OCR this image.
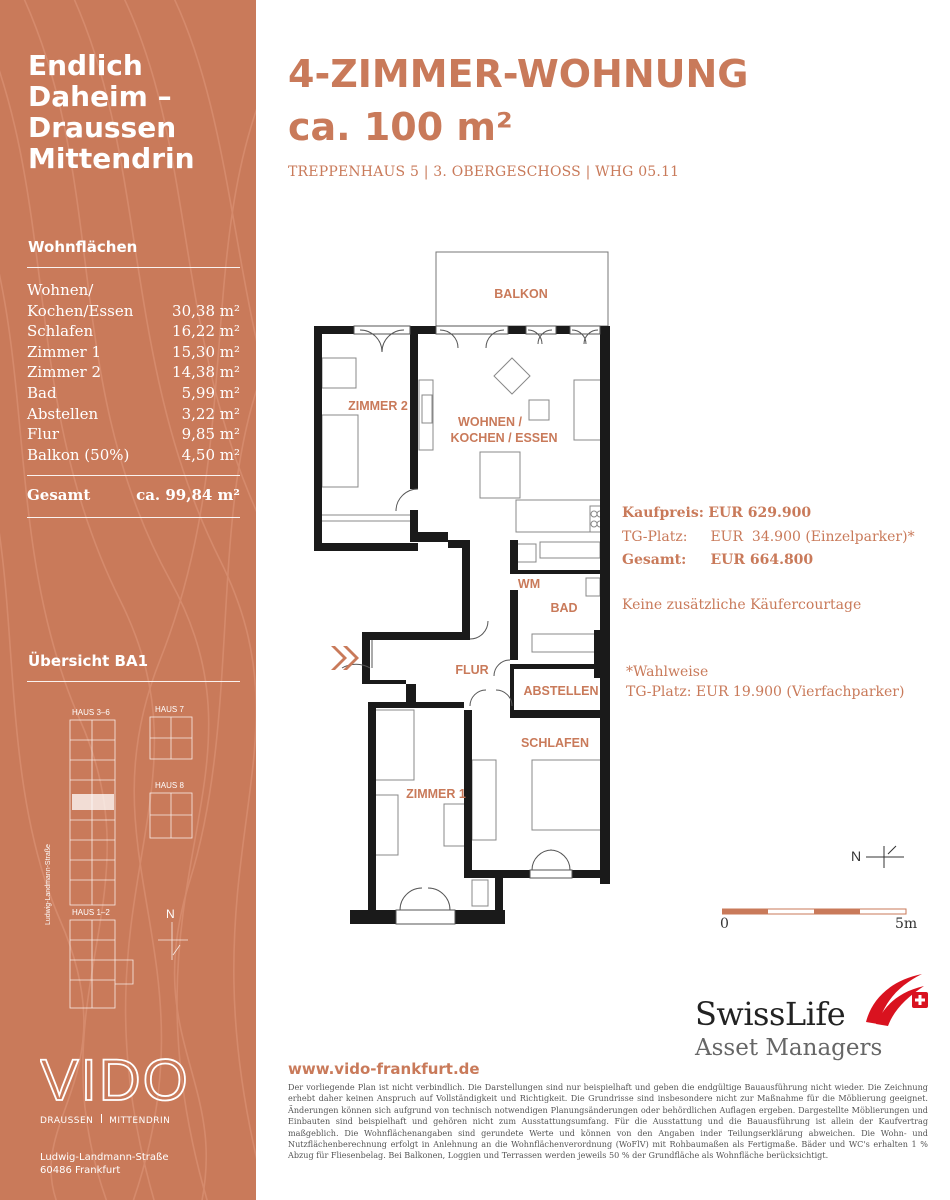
Endlich
Daheim –
Draussen
Mittendrin
Wohnflächen
Wohnen/
Kochen/Essen	30,38 m²
Schlafen	16,22 m²
Zimmer 1	15,30 m²
Zimmer 2	14,38 m²
Bad	5,99 m²
Abstellen	3,22 m²
Flur	9,85 m²
Balkon (50%)	4,50 m²
Gesamt	ca. 99,84 m²
Übersicht BA1
HAUS 3–6	HAUS 7
HAUS 8
HAUS 1–2	N
Ludwig-Landmann-Straße
VIDO
DRAUSSEN MITTENDRIN
Ludwig-Landmann-Straße
60486 Frankfurt
4-ZIMMER-WOHNUNG
ca. 100 m²
TREPPENHAUS 5 | 3. OBERGESCHOSS | WHG 05.11
BALKON
ZIMMER 2
WOHNEN /
KOCHEN / ESSEN
WM
BAD
FLUR
ABSTELLEN
SCHLAFEN
ZIMMER 1
Kaufpreis: EUR 629.900
TG-Platz: EUR  34.900 (Einzelparker)*
Gesamt: EUR 664.800
Keine zusätzliche Käufercourtage
*Wahlweise
TG-Platz: EUR 19.900 (Vierfachparker)
N
0	5m
SwissLife
Asset Managers
www.vido-frankfurt.de
Der vorliegende Plan ist nicht verbindlich. Die Darstellungen sind nur beispielhaft und geben die endgültige Bauausführung nicht wieder. Die Zeichnung erhebt daher keinen Anspruch auf Vollständigkeit und Richtigkeit. Die Grundrisse sind insbesondere nicht zur Maßnahme für die Möblierung geeignet. Änderungen können sich aufgrund von technisch notwendigen Planungsänderungen oder behördlichen Auflagen ergeben. Dargestellte Möblierungen und Einbauten sind beispielhaft und gehören nicht zum Ausstattungsumfang. Für die Ausstattung und die Bauausführung ist allein der Kaufvertrag maßgeblich. Die Wohnflächenangaben sind gerundete Werte und können von den Angaben inder Teilungserklärung abweichen. Die Wohn- und Nutzflächenberechnung erfolgt in Anlehnung an die Wohnflächenverordnung (WoFlV) mit Rohbaumaßen als Fertigmaße. Bäder und WC's erhalten 1 % Abzug für Fliesenbelag. Bei Balkonen, Loggien und Terrassen werden jeweils 50 % der Grundfläche als Wohnfläche berücksichtigt.
